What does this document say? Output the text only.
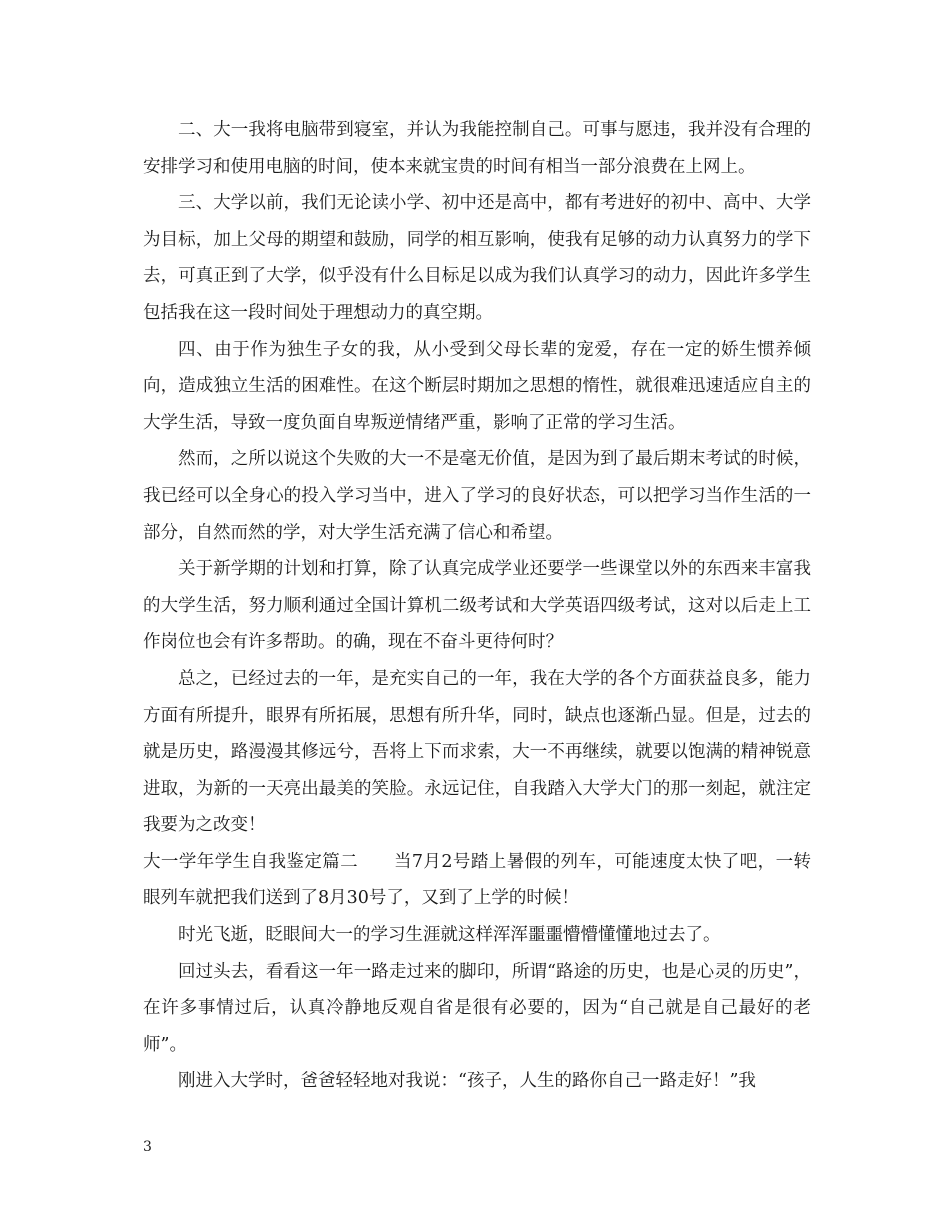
二、大一我将电脑带到寝室，并认为我能控制自己。可事与愿违，我并没有合理的安排学习和使用电脑的时间，使本来就宝贵的时间有相当一部分浪费在上网上。

三、大学以前，我们无论读小学、初中还是高中，都有考进好的初中、高中、大学为目标，加上父母的期望和鼓励，同学的相互影响，使我有足够的动力认真努力的学下去，可真正到了大学，似乎没有什么目标足以成为我们认真学习的动力，因此许多学生包括我在这一段时间处于理想动力的真空期。

四、由于作为独生子女的我，从小受到父母长辈的宠爱，存在一定的娇生惯养倾向，造成独立生活的困难性。在这个断层时期加之思想的惰性，就很难迅速适应自主的大学生活，导致一度负面自卑叛逆情绪严重，影响了正常的学习生活。

然而，之所以说这个失败的大一不是毫无价值，是因为到了最后期末考试的时候，我已经可以全身心的投入学习当中，进入了学习的良好状态，可以把学习当作生活的一部分，自然而然的学，对大学生活充满了信心和希望。

关于新学期的计划和打算，除了认真完成学业还要学一些课堂以外的东西来丰富我的大学生活，努力顺利通过全国计算机二级考试和大学英语四级考试，这对以后走上工作岗位也会有许多帮助。的确，现在不奋斗更待何时？

总之，已经过去的一年，是充实自己的一年，我在大学的各个方面获益良多，能力方面有所提升，眼界有所拓展，思想有所升华，同时，缺点也逐渐凸显。但是，过去的就是历史，路漫漫其修远兮，吾将上下而求索，大一不再继续，就要以饱满的精神锐意进取，为新的一天亮出最美的笑脸。永远记住，自我踏入大学大门的那一刻起，就注定我要为之改变！

大一学年学生自我鉴定篇二　　当7月2号踏上暑假的列车，可能速度太快了吧，一转眼列车就把我们送到了8月30号了，又到了上学的时候！

时光飞逝，眨眼间大一的学习生涯就这样浑浑噩噩懵懵懂懂地过去了。

回过头去，看看这一年一路走过来的脚印，所谓“路途的历史，也是心灵的历史”，在许多事情过后，认真冷静地反观自省是很有必要的，因为“自己就是自己最好的老师”。

刚进入大学时，爸爸轻轻地对我说：“孩子，人生的路你自己一路走好！”我

3
